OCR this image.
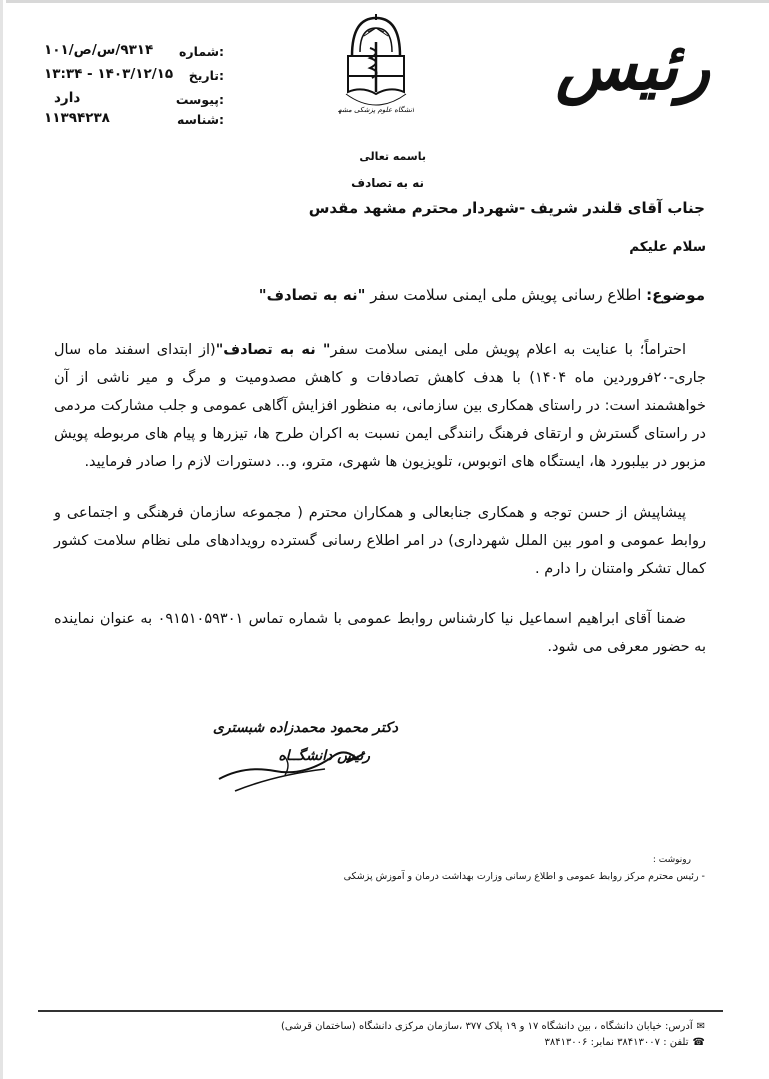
:شماره
۹۳۱۴/س/ص/۱۰۱
:تاریخ
۱۴۰۳/۱۲/۱۵ - ۱۳:۳۴
:پیوست
دارد
:شناسه
۱۱۳۹۴۲۳۸	دانشگاه علوم پزشکی مشهد
رئیس
باسمه تعالی
نه به تصادف
جناب آقای قلندر شریف -شهردار محترم مشهد مقدس
سلام علیکم
موضوع: اطلاع رسانی پویش ملی ایمنی سلامت سفر "نه به تصادف"
احتراماً؛ با عنایت به اعلام پویش ملی ایمنی سلامت سفر" نه به تصادف"(از ابتدای اسفند ماه سال جاری-۲۰فروردین ماه ۱۴۰۴) با هدف کاهش تصادفات و کاهش مصدومیت و مرگ و میر ناشی از آن خواهشمند است: در راستای همکاری بین سازمانی، به منظور افزایش آگاهی عمومی و جلب مشارکت مردمی در راستای گسترش و ارتقای فرهنگ رانندگی ایمن نسبت به اکران طرح ها، تیزرها و پیام های مربوطه پویش مزبور در بیلبورد ها، ایستگاه های اتوبوس، تلویزیون ها شهری، مترو، و... دستورات لازم را صادر فرمایید.
پیشاپیش از حسن توجه و همکاری جنابعالی و همکاران محترم ( مجموعه سازمان فرهنگی و اجتماعی و روابط عمومی و امور بین الملل شهرداری) در امر اطلاع رسانی گسترده رویدادهای ملی نظام سلامت کشور کمال تشکر وامتنان را دارم .
ضمنا آقای ابراهیم اسماعیل نیا کارشناس روابط عمومی با شماره تماس ۰۹۱۵۱۰۵۹۳۰۱ به عنوان نماینده به حضور معرفی می شود.
دکتر محمود محمدزاده شبستری
رئیس دانشگــاه
رونوشت :
- رئیس محترم مرکز روابط عمومی و اطلاع رسانی وزارت بهداشت درمان و آموزش پزشکی
✉آدرس: خیابان دانشگاه ، بین دانشگاه ۱۷ و ۱۹ پلاک ۳۷۷ ،سازمان مرکزی دانشگاه (ساختمان قرشی)
☎تلفن : ۳۸۴۱۳۰۰۷ نمابر: ۳۸۴۱۳۰۰۶
